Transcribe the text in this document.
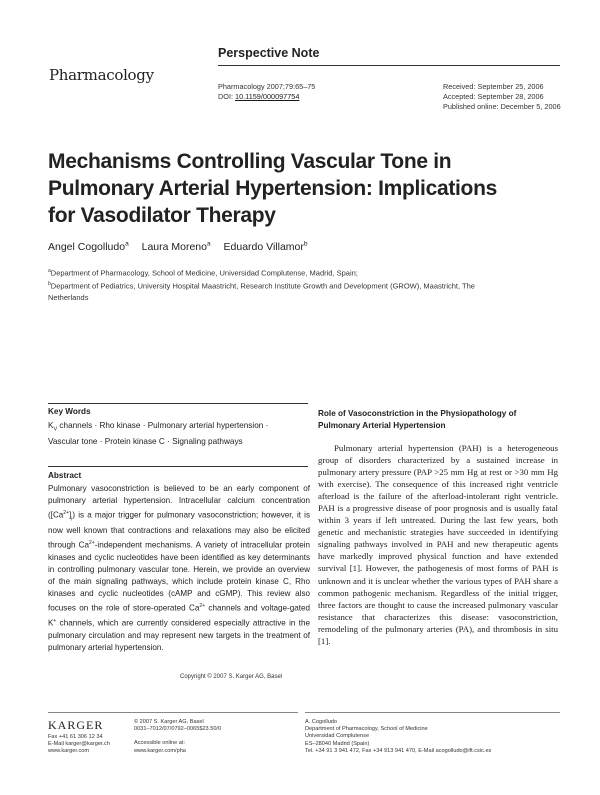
Perspective Note
Pharmacology
Pharmacology 2007;79:65–75
DOI: 10.1159/000097754
Received: September 25, 2006
Accepted: September 28, 2006
Published online: December 5, 2006
Mechanisms Controlling Vascular Tone in Pulmonary Arterial Hypertension: Implications for Vasodilator Therapy
Angel Cogolludo$^a$ Laura Moreno$^a$ Eduardo Villamor$^b$
$^a$Department of Pharmacology, School of Medicine, Universidad Complutense, Madrid, Spain;
$^b$Department of Pediatrics, University Hospital Maastricht, Research Institute Growth and Development (GROW), Maastricht, The Netherlands
Key Words
$K_V$ channels · Rho kinase · Pulmonary arterial hypertension ·
Vascular tone · Protein kinase C · Signaling pathways
Abstract
Pulmonary vasoconstriction is believed to be an early component of pulmonary arterial hypertension. Intracellular calcium concentration $([Ca^{2+}]_i)$ is a major trigger for pulmonary vasoconstriction; however, it is now well known that contractions and relaxations may also be elicited through $Ca^{2+}$-independent mechanisms. A variety of intracellular protein kinases and cyclic nucleotides have been identified as key determinants in controlling pulmonary vascular tone. Herein, we provide an overview of the main signaling pathways, which include protein kinase C, Rho kinases and cyclic nucleotides (cAMP and cGMP). This review also focuses on the role of store-operated $Ca^{2+}$ channels and voltage-gated K+ channels, which are currently considered especially attractive in the pulmonary circulation and may represent new targets in the treatment of pulmonary arterial hypertension.
Copyright © 2007 S. Karger AG, Basel
Role of Vasoconstriction in the Physiopathology of Pulmonary Arterial Hypertension
Pulmonary arterial hypertension (PAH) is a heterogeneous group of disorders characterized by a sustained increase in pulmonary artery pressure (PAP >25 mm Hg at rest or >30 mm Hg with exercise). The consequence of this increased right ventricle afterload is the failure of the afterload-intolerant right ventricle. PAH is a progressive disease of poor prognosis and is usually fatal within 3 years if left untreated. During the last few years, both genetic and mechanistic strategies have succeeded in identifying signaling pathways involved in PAH and new therapeutic agents have markedly improved physical function and have extended survival [1]. However, the pathogenesis of most forms of PAH is unknown and it is unclear whether the various types of PAH share a common pathogenic mechanism. Regardless of the initial trigger, three factors are thought to cause the increased pulmonary vascular resistance that characterizes this disease: vasoconstriction, remodeling of the pulmonary arteries (PA), and thrombosis in situ [1].
KARGER
Fax +41 61 306 12 34
E-Mail karger@karger.ch
www.karger.com
© 2007 S. Karger AG, Basel
0031–7012/07/0792–0065$23.50/0
Accessible online at:
www.karger.com/pha
A. Cogolludo
Department of Pharmacology, School of Medicine
Universidad Complutense
ES–28040 Madrid (Spain)
Tel. +34 91 3 941 472, Fax +34 913 941 470, E-Mail acogolludo@ift.csic.es
